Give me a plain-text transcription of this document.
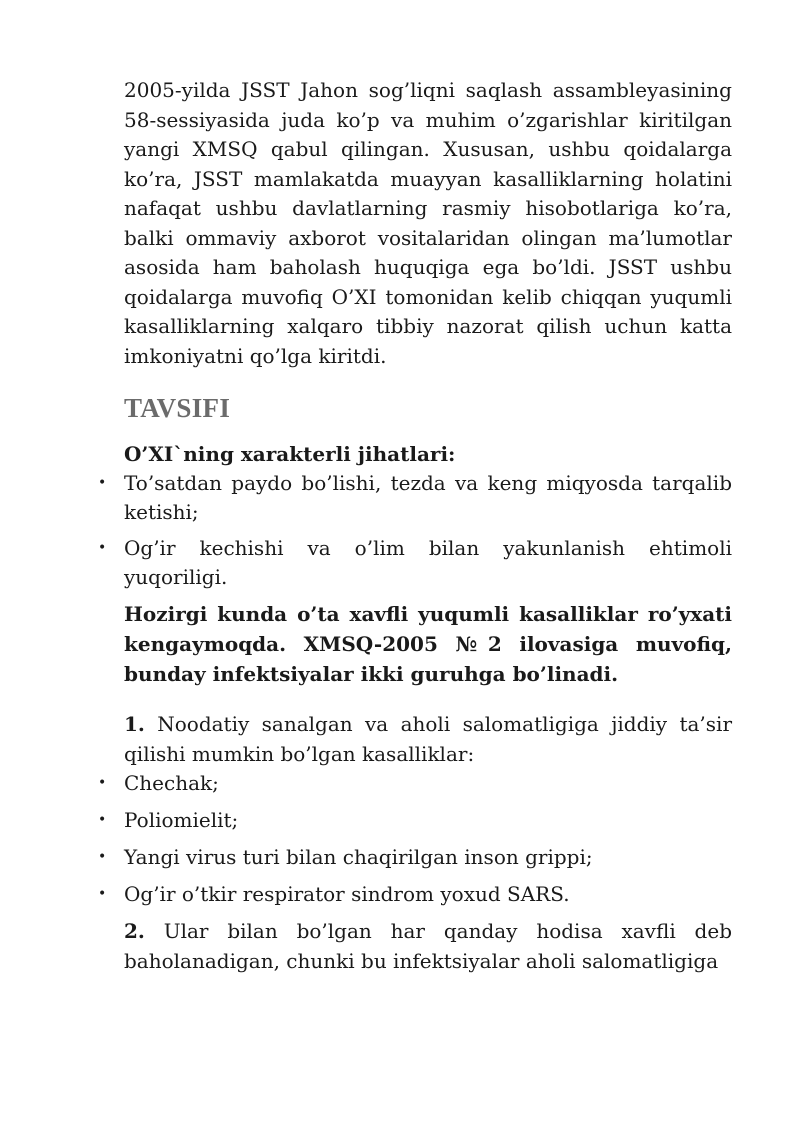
2005-yilda JSST Jahon sog’liqni saqlash assambleyasining 58-sessiyasida juda ko’p va muhim o’zgarishlar kiritilgan yangi XMSQ qabul qilingan. Xususan, ushbu qoidalarga ko’ra, JSST mamlakatda muayyan kasalliklarning holatini nafaqat ushbu davlatlarning rasmiy hisobotlariga ko’ra, balki ommaviy axborot vositalaridan olingan ma’lumotlar asosida ham baholash huquqiga ega bo’ldi. JSST ushbu qoidalarga muvofiq O’XI tomonidan kelib chiqqan yuqumli kasalliklarning xalqaro tibbiy nazorat qilish uchun katta imkoniyatni qo’lga kiritdi.

TAVSIFI

O’XI`ning xarakterli jihatlari:

• To’satdan paydo bo’lishi, tezda va keng miqyosda tarqalib ketishi;
• Og’ir kechishi va o’lim bilan yakunlanish ehtimoli yuqoriligi.

Hozirgi kunda o’ta xavfli yuqumli kasalliklar ro’yxati kengaymoqda. XMSQ-2005 №2 ilovasiga muvofiq, bunday infektsiyalar ikki guruhga bo’linadi.

1. Noodatiy sanalgan va aholi salomatligiga jiddiy ta’sir qilishi mumkin bo’lgan kasalliklar:

• Chechak;
• Poliomielit;
• Yangi virus turi bilan chaqirilgan inson grippi;
• Og’ir o’tkir respirator sindrom yoxud SARS.

2. Ular bilan bo’lgan har qanday hodisa xavfli deb baholanadigan, chunki bu infektsiyalar aholi salomatligiga
